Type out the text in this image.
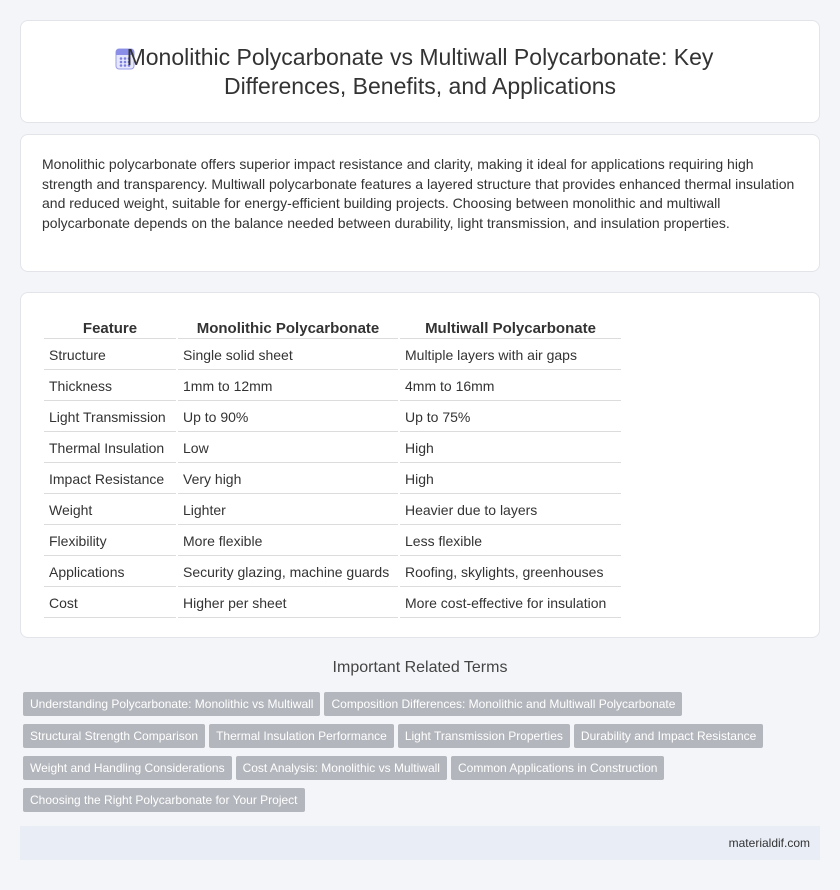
Monolithic Polycarbonate vs Multiwall Polycarbonate: Key Differences, Benefits, and Applications

Monolithic polycarbonate offers superior impact resistance and clarity, making it ideal for applications requiring high strength and transparency. Multiwall polycarbonate features a layered structure that provides enhanced thermal insulation and reduced weight, suitable for energy-efficient building projects. Choosing between monolithic and multiwall polycarbonate depends on the balance needed between durability, light transmission, and insulation properties.

Feature	Monolithic Polycarbonate	Multiwall Polycarbonate
Structure	Single solid sheet	Multiple layers with air gaps
Thickness	1mm to 12mm	4mm to 16mm
Light Transmission	Up to 90%	Up to 75%
Thermal Insulation	Low	High
Impact Resistance	Very high	High
Weight	Lighter	Heavier due to layers
Flexibility	More flexible	Less flexible
Applications	Security glazing, machine guards	Roofing, skylights, greenhouses
Cost	Higher per sheet	More cost-effective for insulation
Important Related Terms
Understanding Polycarbonate: Monolithic vs Multiwall Composition Differences: Monolithic and Multiwall Polycarbonate
Structural Strength Comparison Thermal Insulation Performance Light Transmission Properties Durability and Impact Resistance
Weight and Handling Considerations Cost Analysis: Monolithic vs Multiwall Common Applications in Construction
Choosing the Right Polycarbonate for Your Project
materialdif.com
